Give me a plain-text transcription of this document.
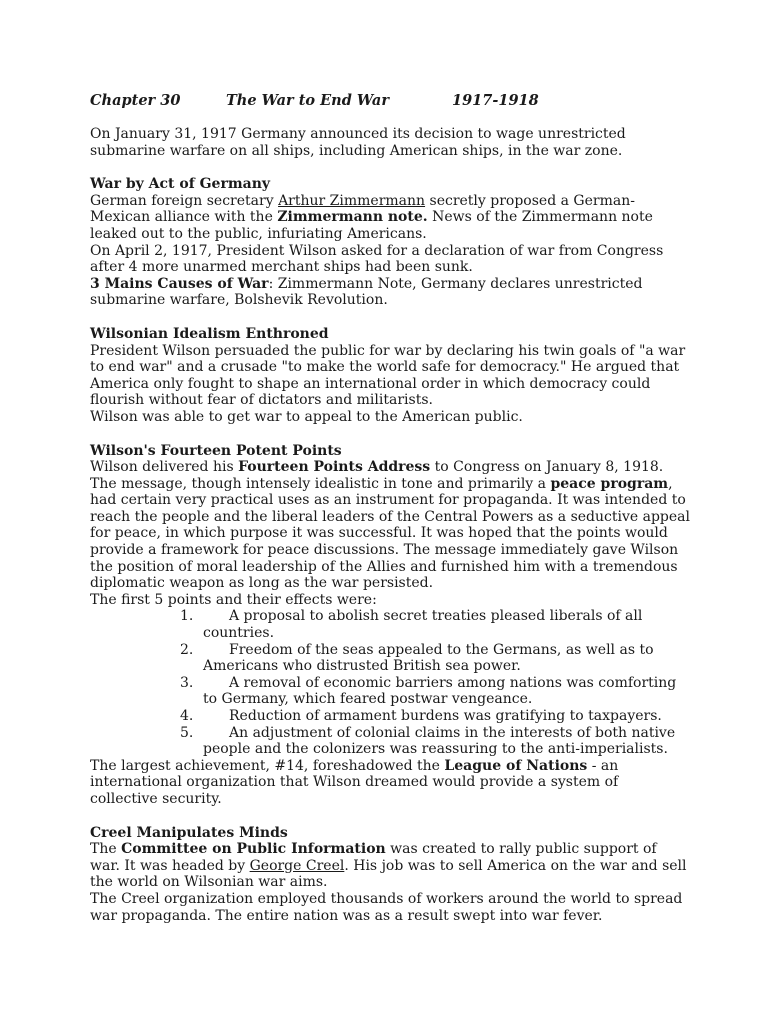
Chapter 30	The War to End War	1917-1918

On January 31, 1917 Germany announced its decision to wage unrestricted submarine warfare on all ships, including American ships, in the war zone.

War by Act of Germany

German foreign secretary Arthur Zimmermann secretly proposed a German-Mexican alliance with the Zimmermann note. News of the Zimmermann note leaked out to the public, infuriating Americans.

On April 2, 1917, President Wilson asked for a declaration of war from Congress after 4 more unarmed merchant ships had been sunk.

3 Mains Causes of War: Zimmermann Note, Germany declares unrestricted submarine warfare, Bolshevik Revolution.

Wilsonian Idealism Enthroned

President Wilson persuaded the public for war by declaring his twin goals of "a war to end war" and a crusade "to make the world safe for democracy." He argued that America only fought to shape an international order in which democracy could flourish without fear of dictators and militarists.

Wilson was able to get war to appeal to the American public.

Wilson's Fourteen Potent Points

Wilson delivered his Fourteen Points Address to Congress on January 8, 1918.

The message, though intensely idealistic in tone and primarily a peace program, had certain very practical uses as an instrument for propaganda. It was intended to reach the people and the liberal leaders of the Central Powers as a seductive appeal for peace, in which purpose it was successful. It was hoped that the points would provide a framework for peace discussions. The message immediately gave Wilson the position of moral leadership of the Allies and furnished him with a tremendous diplomatic weapon as long as the war persisted.

The first 5 points and their effects were:

1.	A proposal to abolish secret treaties pleased liberals of all countries.
2.	Freedom of the seas appealed to the Germans, as well as to Americans who distrusted British sea power.
3.	A removal of economic barriers among nations was comforting to Germany, which feared postwar vengeance.
4.	Reduction of armament burdens was gratifying to taxpayers.
5.	An adjustment of colonial claims in the interests of both native people and the colonizers was reassuring to the anti-imperialists.

The largest achievement, #14, foreshadowed the League of Nations - an international organization that Wilson dreamed would provide a system of collective security.

Creel Manipulates Minds

The Committee on Public Information was created to rally public support of war. It was headed by George Creel. His job was to sell America on the war and sell the world on Wilsonian war aims.

The Creel organization employed thousands of workers around the world to spread war propaganda. The entire nation was as a result swept into war fever.
